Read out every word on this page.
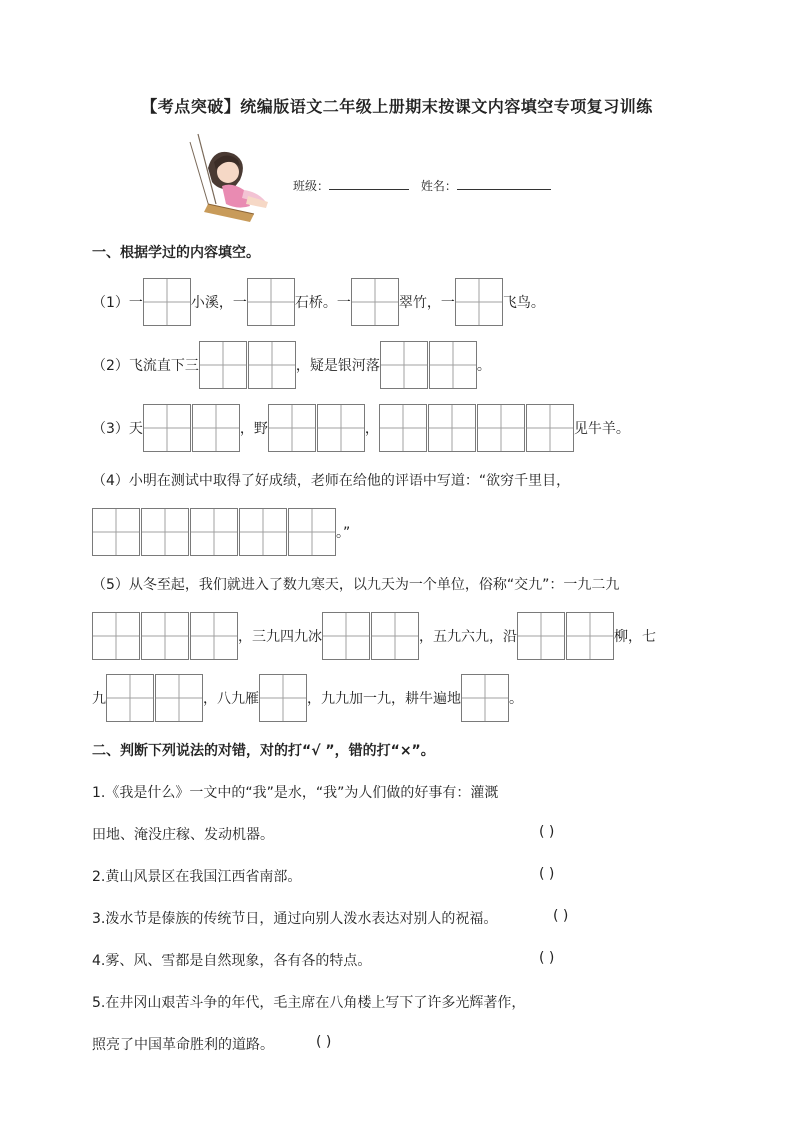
【考点突破】统编版语文二年级上册期末按课文内容填空专项复习训练
班级：	姓名：
一、根据学过的内容填空。
（1） 一	小溪，一	石桥。一	翠竹，一	飞鸟。
（2） 飞流直下三	，疑是银河落	。
（3） 天	，野	，	见牛羊。
（4）小明在测试中取得了好成绩，老师在给他的评语中写道：“欲穷千里目，
。”
（5）从冬至起，我们就进入了数九寒天，以九天为一个单位，俗称“交九”：一九二九
，三九四九冰	，五九六九，沿	柳，七
九	，八九雁	，九九加一九，耕牛遍地	。
二、判断下列说法的对错，对的打“√ ”，错的打“×”。
1.《我是什么》一文中的“我”是水，“我”为人们做的好事有：灌溉
田地、淹没庄稼、发动机器。	( )
2.黄山风景区在我国江西省南部。	( )
3.泼水节是傣族的传统节日，通过向别人泼水表达对别人的祝福。	( )
4.雾、风、雪都是自然现象，各有各的特点。	( )
5.在井冈山艰苦斗争的年代，毛主席在八角楼上写下了许多光辉著作，
照亮了中国革命胜利的道路。	( )
